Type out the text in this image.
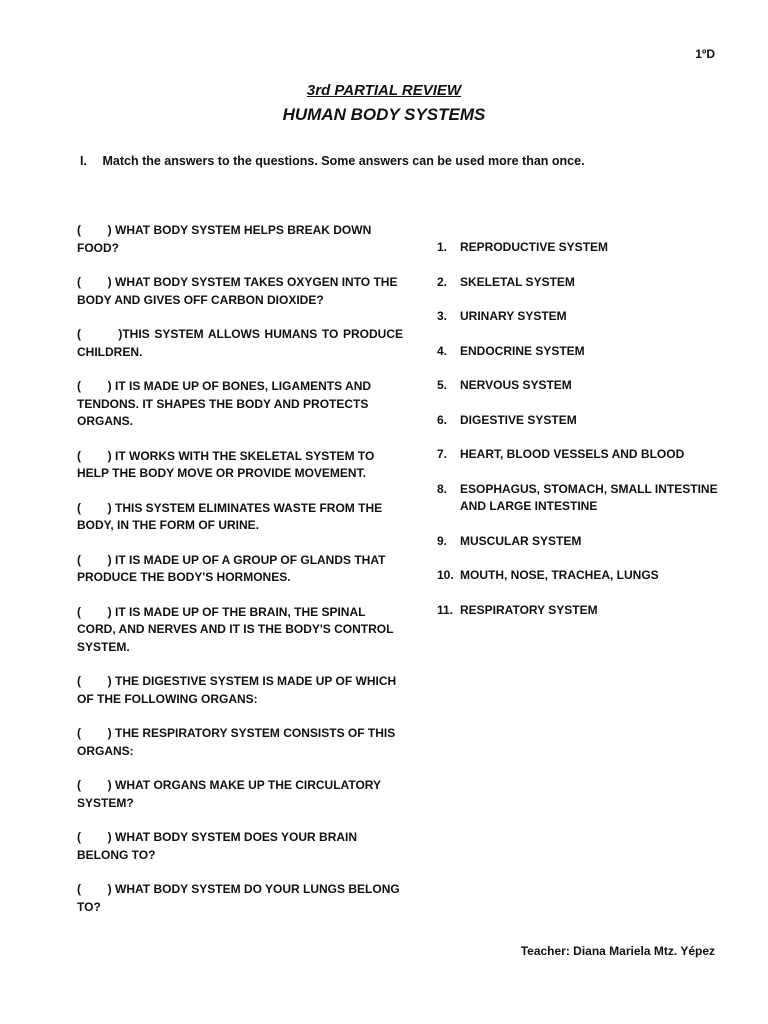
1ºD
3rd PARTIAL REVIEW
HUMAN BODY SYSTEMS
I. Match the answers to the questions. Some answers can be used more than once.
(        ) WHAT BODY SYSTEM HELPS BREAK DOWN FOOD?
(        ) WHAT BODY SYSTEM TAKES OXYGEN INTO THE BODY AND GIVES OFF CARBON DIOXIDE?
(        )THIS SYSTEM ALLOWS HUMANS TO PRODUCE CHILDREN.
(        ) IT IS MADE UP OF BONES, LIGAMENTS AND TENDONS. IT SHAPES THE BODY AND PROTECTS ORGANS.
(        ) IT WORKS WITH THE SKELETAL SYSTEM TO HELP THE BODY MOVE OR PROVIDE MOVEMENT.
(        ) THIS SYSTEM ELIMINATES WASTE FROM THE BODY, IN THE FORM OF URINE.
(        ) IT IS MADE UP OF A GROUP OF GLANDS THAT PRODUCE THE BODY'S HORMONES.
(        ) IT IS MADE UP OF THE BRAIN, THE SPINAL CORD, AND NERVES AND IT IS THE BODY'S CONTROL SYSTEM.
(        ) THE DIGESTIVE SYSTEM IS MADE UP OF WHICH OF THE FOLLOWING ORGANS:
(        ) THE RESPIRATORY SYSTEM CONSISTS OF THIS ORGANS:
(        ) WHAT ORGANS MAKE UP THE CIRCULATORY SYSTEM?
(        ) WHAT BODY SYSTEM DOES YOUR BRAIN BELONG TO?
(        ) WHAT BODY SYSTEM DO YOUR LUNGS BELONG TO?
1.	REPRODUCTIVE SYSTEM
2.	SKELETAL SYSTEM
3.	URINARY SYSTEM
4.	ENDOCRINE SYSTEM
5.	NERVOUS SYSTEM
6.	DIGESTIVE SYSTEM
7.	HEART, BLOOD VESSELS AND BLOOD
8.	ESOPHAGUS, STOMACH, SMALL INTESTINE AND LARGE INTESTINE
9.	MUSCULAR SYSTEM
10. MOUTH, NOSE, TRACHEA, LUNGS
11. RESPIRATORY SYSTEM
Teacher: Diana Mariela Mtz. Yépez
